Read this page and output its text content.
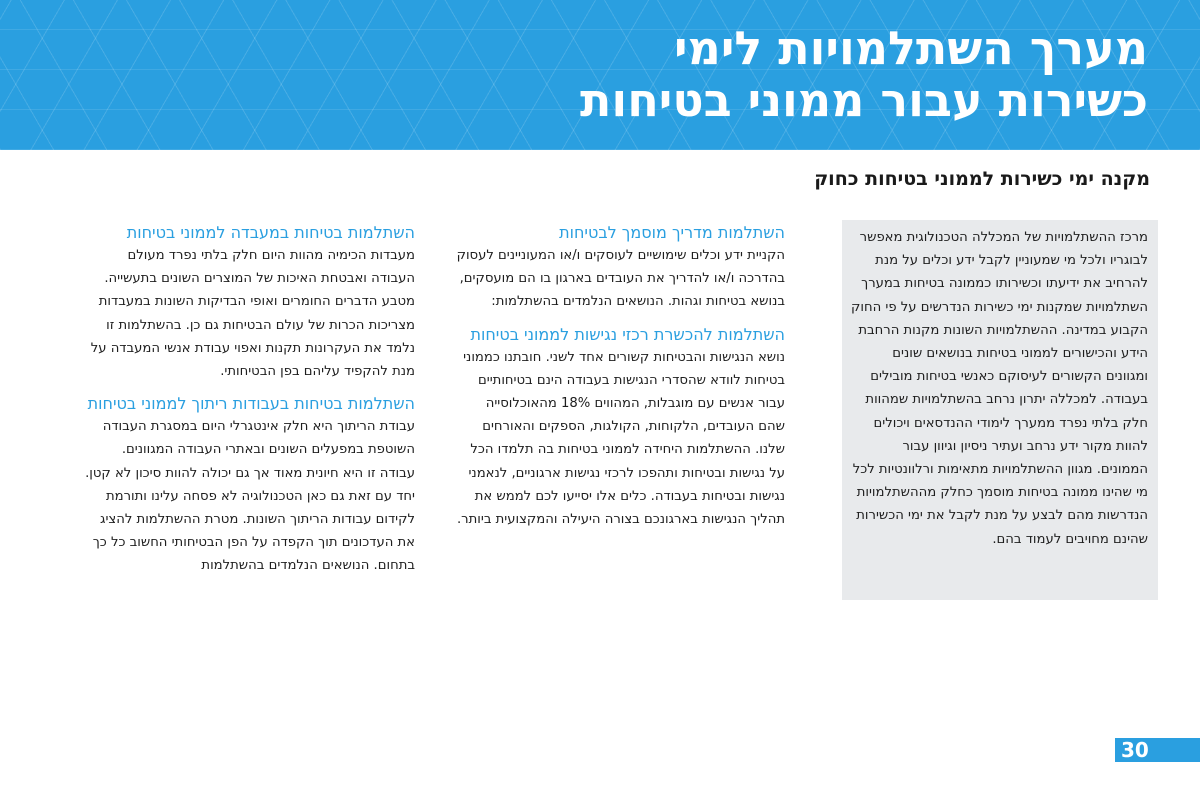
מערך השתלמויות לימי
כשירות עבור ממוני בטיחות
מקנה ימי כשירות לממוני בטיחות כחוק

מרכז ההשתלמויות של המכללה הטכנולוגית מאפשר לבוגריו ולכל מי שמעוניין לקבל ידע וכלים על מנת להרחיב את ידיעתו וכשירותו כממונה בטיחות במערך השתלמויות שמקנות ימי כשירות הנדרשים על פי החוק הקבוע במדינה. ההשתלמויות השונות מקנות הרחבת הידע והכישורים לממוני בטיחות בנושאים שונים ומגוונים הקשורים לעיסוקם כאנשי בטיחות מובילים בעבודה. למכללה יתרון נרחב בהשתלמויות שמהוות חלק בלתי נפרד ממערך לימודי ההנדסאים ויכולים להוות מקור ידע נרחב ועתיר ניסיון וגיוון עבור הממונים. מגוון ההשתלמויות מתאימות ורלוונטיות לכל מי שהינו ממונה בטיחות מוסמך כחלק מההשתלמויות הנדרשות מהם לבצע על מנת לקבל את ימי הכשירות שהינם מחויבים לעמוד בהם.

השתלמות מדריך מוסמך לבטיחות

הקניית ידע וכלים שימושיים לעוסקים ו/או המעוניינים לעסוק בהדרכה ו/או להדריך את העובדים בארגון בו הם מועסקים, בנושא בטיחות וגהות. הנושאים הנלמדים בהשתלמות:

השתלמות להכשרת רכזי נגישות לממוני בטיחות

נושא הנגישות והבטיחות קשורים אחד לשני. חובתנו כממוני בטיחות לוודא שהסדרי הנגישות בעבודה הינם בטיחותיים עבור אנשים עם מוגבלות, המהווים 18% מהאוכלוסייה שהם העובדים, הלקוחות, הקולגות, הספקים והאורחים שלנו. ההשתלמות היחידה לממוני בטיחות בה תלמדו הכל על נגישות ובטיחות ותהפכו לרכזי נגישות ארגוניים, לנאמני נגישות ובטיחות בעבודה. כלים אלו יסייעו לכם לממש את תהליך הנגישות בארגונכם בצורה היעילה והמקצועית ביותר.

השתלמות בטיחות במעבדה לממוני בטיחות

מעבדות הכימיה מהוות היום חלק בלתי נפרד מעולם העבודה ואבטחת האיכות של המוצרים השונים בתעשייה. מטבע הדברים החומרים ואופי הבדיקות השונות במעבדות מצריכות הכרות של עולם הבטיחות גם כן. בהשתלמות זו נלמד את העקרונות תקנות ואפוי עבודת אנשי המעבדה על מנת להקפיד עליהם בפן הבטיחותי.

השתלמות בטיחות בעבודות ריתוך לממוני בטיחות

עבודת הריתוך היא חלק אינטגרלי היום במסגרת העבודה השוטפת במפעלים השונים ובאתרי העבודה המגוונים. עבודה זו היא חיונית מאוד אך גם יכולה להוות סיכון לא קטן. יחד עם זאת גם כאן הטכנולוגיה לא פסחה עלינו ותורמת לקידום עבודות הריתוך השונות. מטרת ההשתלמות להציג את העדכונים תוך הקפדה על הפן הבטיחותי החשוב כל כך בתחום. הנושאים הנלמדים בהשתלמות

30
